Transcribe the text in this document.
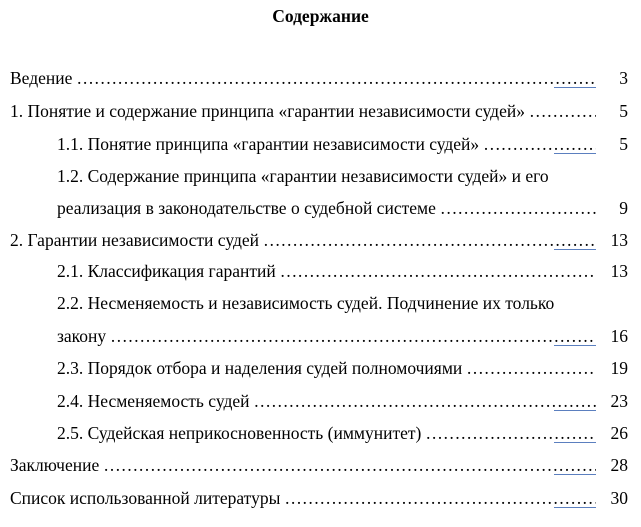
Содержание
Ведение ……………………………………………………………………………………………………………………………………	3
1. Понятие и содержание принципа «гарантии независимости судей» ……………………………………………………………………………………………………………………………………	5
1.1. Понятие принципа «гарантии независимости судей» ……………………………………………………………………………………………………………………………………	5
1.2. Содержание принципа «гарантии независимости судей» и его
реализация в законодательстве о судебной системе ……………………………………………………………………………………………………………………………………	9
2. Гарантии независимости судей ……………………………………………………………………………………………………………………………………	13
2.1. Классификация гарантий ……………………………………………………………………………………………………………………………………	13
2.2. Несменяемость и независимость судей. Подчинение их только
закону ……………………………………………………………………………………………………………………………………	16
2.3. Порядок отбора и наделения судей полномочиями ……………………………………………………………………………………………………………………………………	19
2.4. Несменяемость судей ……………………………………………………………………………………………………………………………………	23
2.5. Судейская неприкосновенность (иммунитет) ……………………………………………………………………………………………………………………………………	26
Заключение ……………………………………………………………………………………………………………………………………	28
Список использованной литературы ……………………………………………………………………………………………………………………………………	30
